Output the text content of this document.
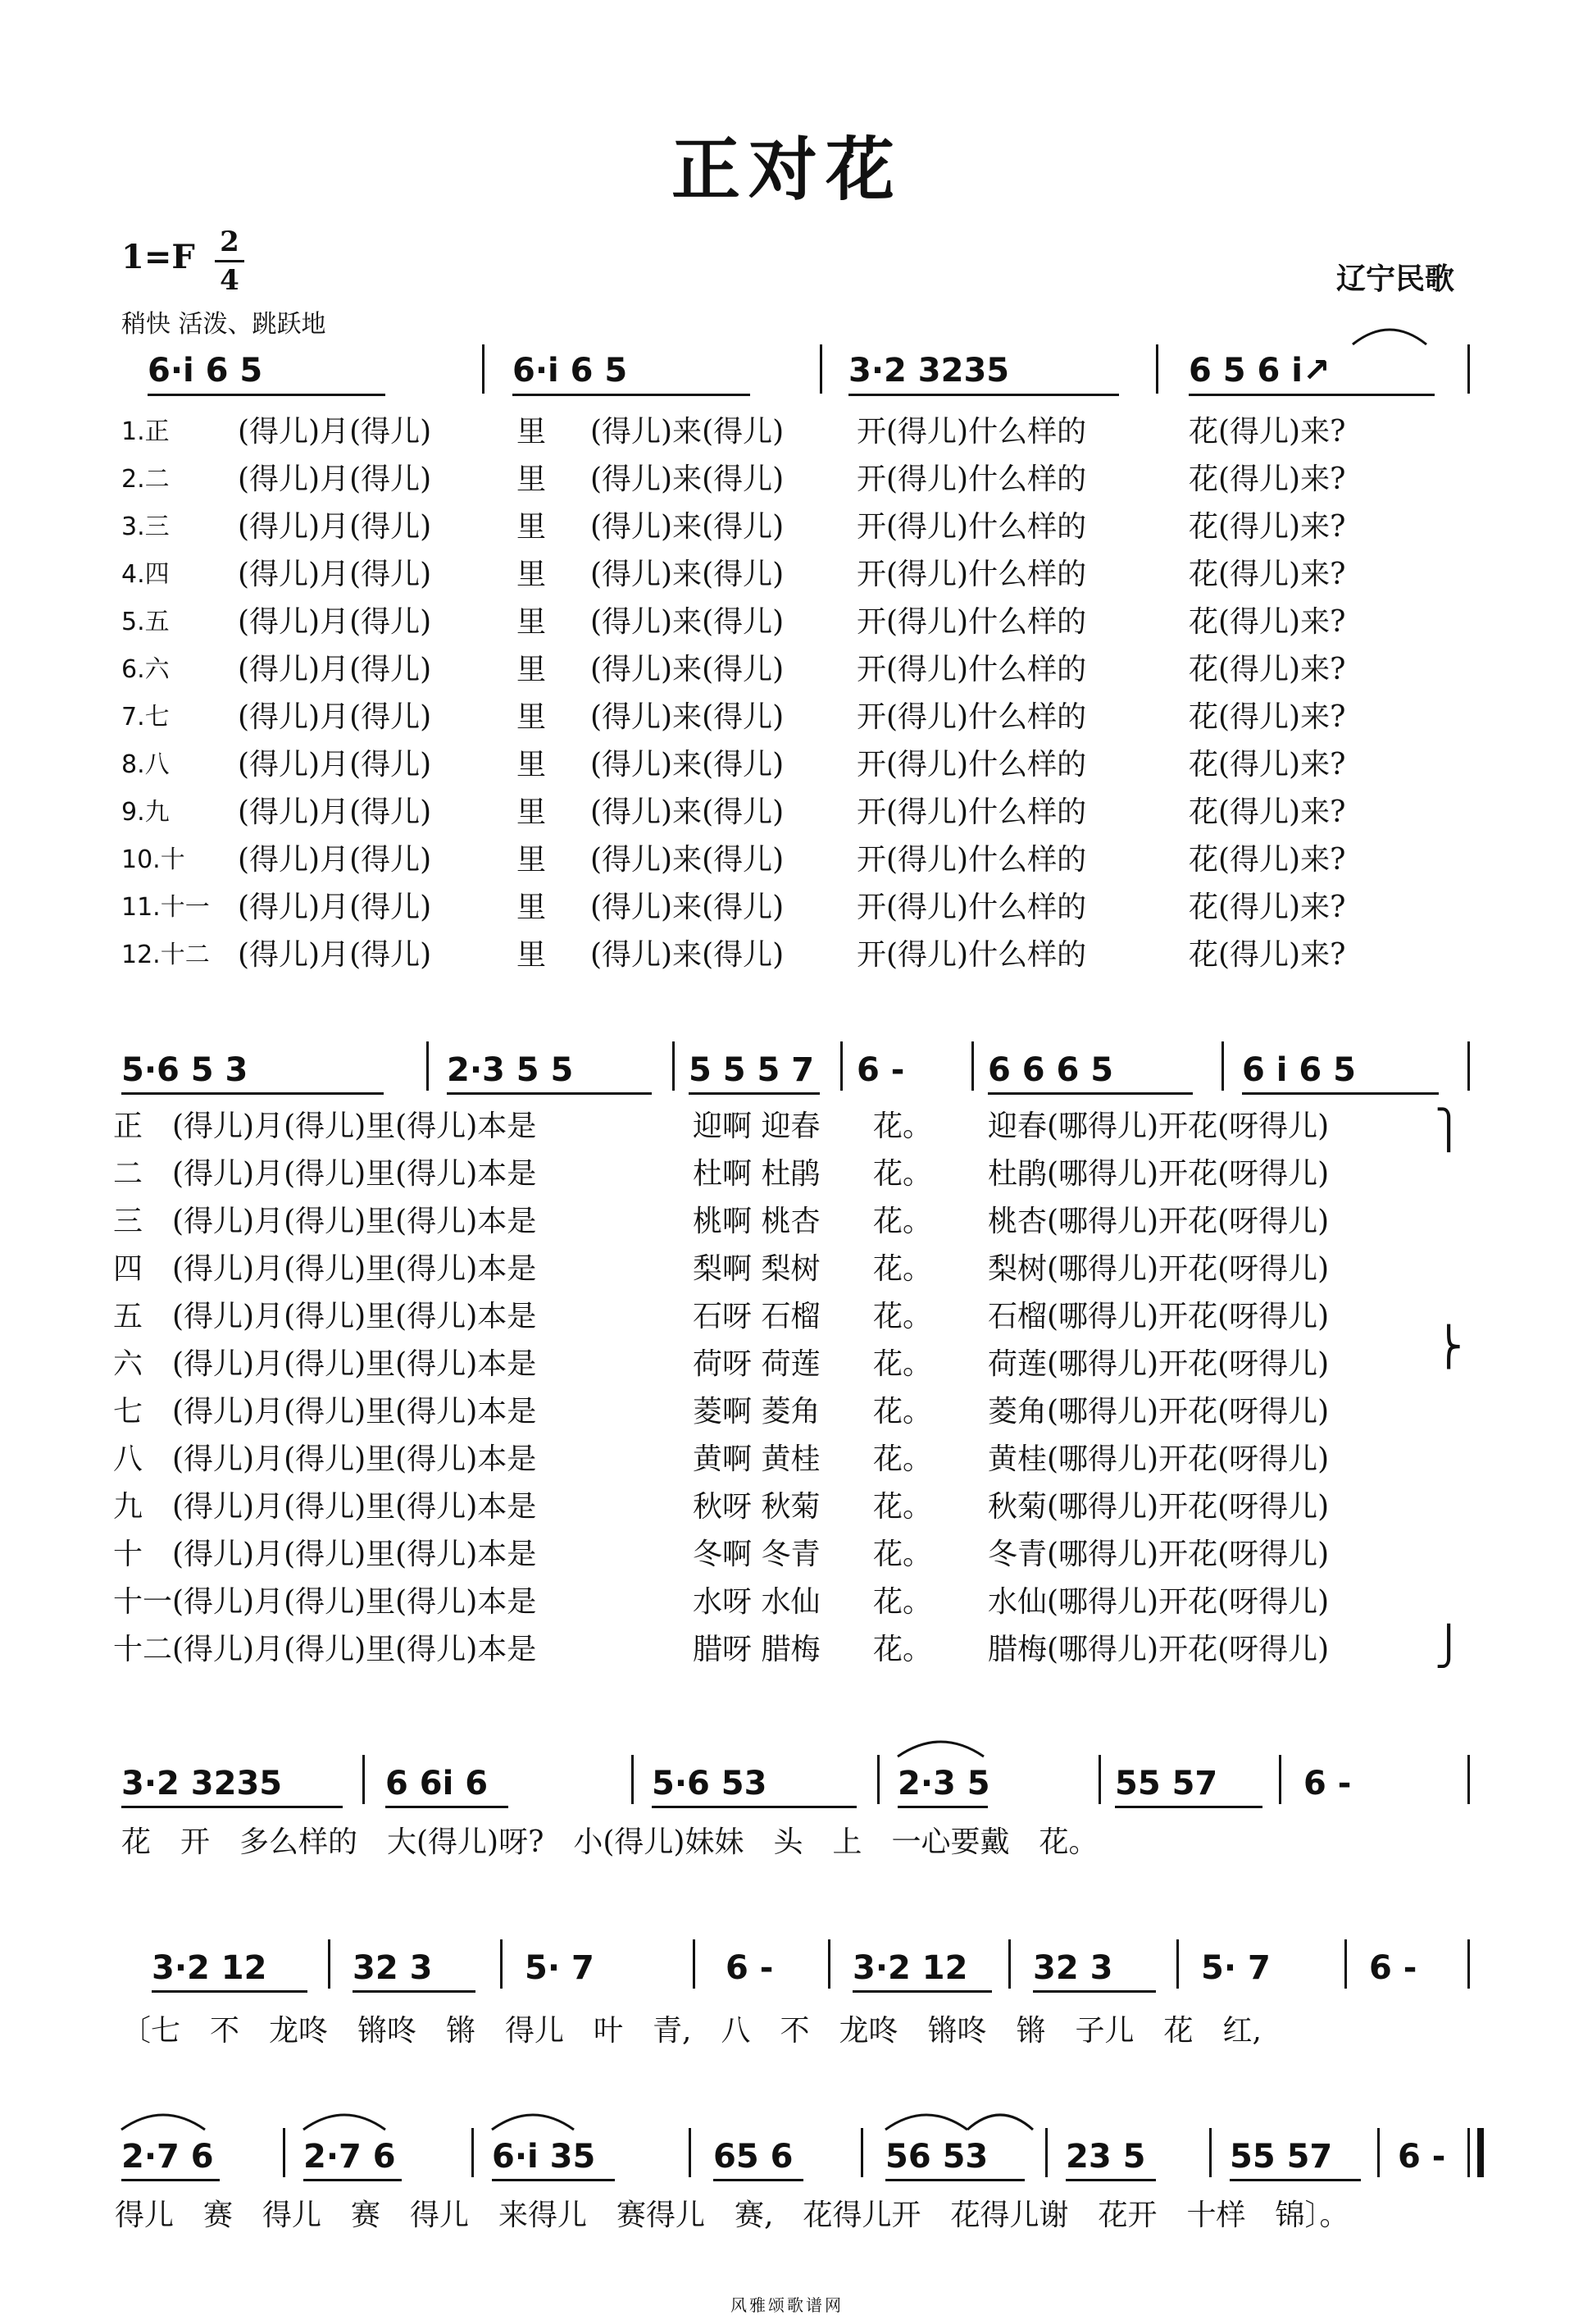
正对花
1=F 2
4
稍快 活泼、跳跃地
辽宁民歌
6·i 6 5	6·i 6 5	3·2 3235	6 5 6 i↗
1.正 (得儿)月(得儿)	里 (得儿)来(得儿) 开(得儿)什么样的	花(得儿)来?
2.二 (得儿)月(得儿)	里 (得儿)来(得儿) 开(得儿)什么样的	花(得儿)来?
3.三 (得儿)月(得儿)	里 (得儿)来(得儿) 开(得儿)什么样的	花(得儿)来?
4.四 (得儿)月(得儿)	里 (得儿)来(得儿) 开(得儿)什么样的	花(得儿)来?
5.五 (得儿)月(得儿)	里 (得儿)来(得儿) 开(得儿)什么样的	花(得儿)来?
6.六 (得儿)月(得儿)	里 (得儿)来(得儿) 开(得儿)什么样的	花(得儿)来?
7.七 (得儿)月(得儿)	里 (得儿)来(得儿) 开(得儿)什么样的	花(得儿)来?
8.八 (得儿)月(得儿)	里 (得儿)来(得儿) 开(得儿)什么样的	花(得儿)来?
9.九 (得儿)月(得儿)	里 (得儿)来(得儿) 开(得儿)什么样的	花(得儿)来?
10.十 (得儿)月(得儿)	里 (得儿)来(得儿) 开(得儿)什么样的	花(得儿)来?
11.十一 (得儿)月(得儿)	里 (得儿)来(得儿) 开(得儿)什么样的	花(得儿)来?
12.十二 (得儿)月(得儿)	里 (得儿)来(得儿) 开(得儿)什么样的	花(得儿)来?
5·6 5 3	2·3 5 5	5 5 5 7 6 -	6 6 6 5	6 i 6 5
正 (得儿)月(得儿)里(得儿)本是	迎啊 迎春 花。 迎春(哪得儿)开花(呀得儿)
二 (得儿)月(得儿)里(得儿)本是	杜啊 杜鹃 花。 杜鹃(哪得儿)开花(呀得儿)
三 (得儿)月(得儿)里(得儿)本是	桃啊 桃杏 花。 桃杏(哪得儿)开花(呀得儿)
四 (得儿)月(得儿)里(得儿)本是	梨啊 梨树 花。 梨树(哪得儿)开花(呀得儿)
五 (得儿)月(得儿)里(得儿)本是	石呀 石榴 花。 石榴(哪得儿)开花(呀得儿)
六 (得儿)月(得儿)里(得儿)本是	荷呀 荷莲 花。 荷莲(哪得儿)开花(呀得儿)
七 (得儿)月(得儿)里(得儿)本是	菱啊 菱角 花。 菱角(哪得儿)开花(呀得儿)
八 (得儿)月(得儿)里(得儿)本是	黄啊 黄桂 花。 黄桂(哪得儿)开花(呀得儿)
九 (得儿)月(得儿)里(得儿)本是	秋呀 秋菊 花。 秋菊(哪得儿)开花(呀得儿)
十 (得儿)月(得儿)里(得儿)本是	冬啊 冬青 花。 冬青(哪得儿)开花(呀得儿)
十一 (得儿)月(得儿)里(得儿)本是	水呀 水仙 花。 水仙(哪得儿)开花(呀得儿)
十二 (得儿)月(得儿)里(得儿)本是	腊呀 腊梅 花。 腊梅(哪得儿)开花(呀得儿)
⎫
⎬
⎭
3·2 3235	6 6i 6	5·6 53	2·3 5	55 57	6 -
花　开　多么样的　大(得儿)呀?　小(得儿)妹妹　头　上　一心要戴　花。
3·2 12	32 3	5· 7	6 - 3·2 12 32 3	5· 7	6 -
〔七　不　龙咚　锵咚　锵　得儿　叶　青,　八　不　龙咚　锵咚　锵　子儿　花　红,
2·7 6	2·7 6	6·i 35	65 6	56 53 23 5	55 57 6 -
得儿　赛　得儿　赛　得儿　来得儿　赛得儿　赛,　花得儿开　花得儿谢　花开　十样　锦〕。
风雅颂歌谱网
